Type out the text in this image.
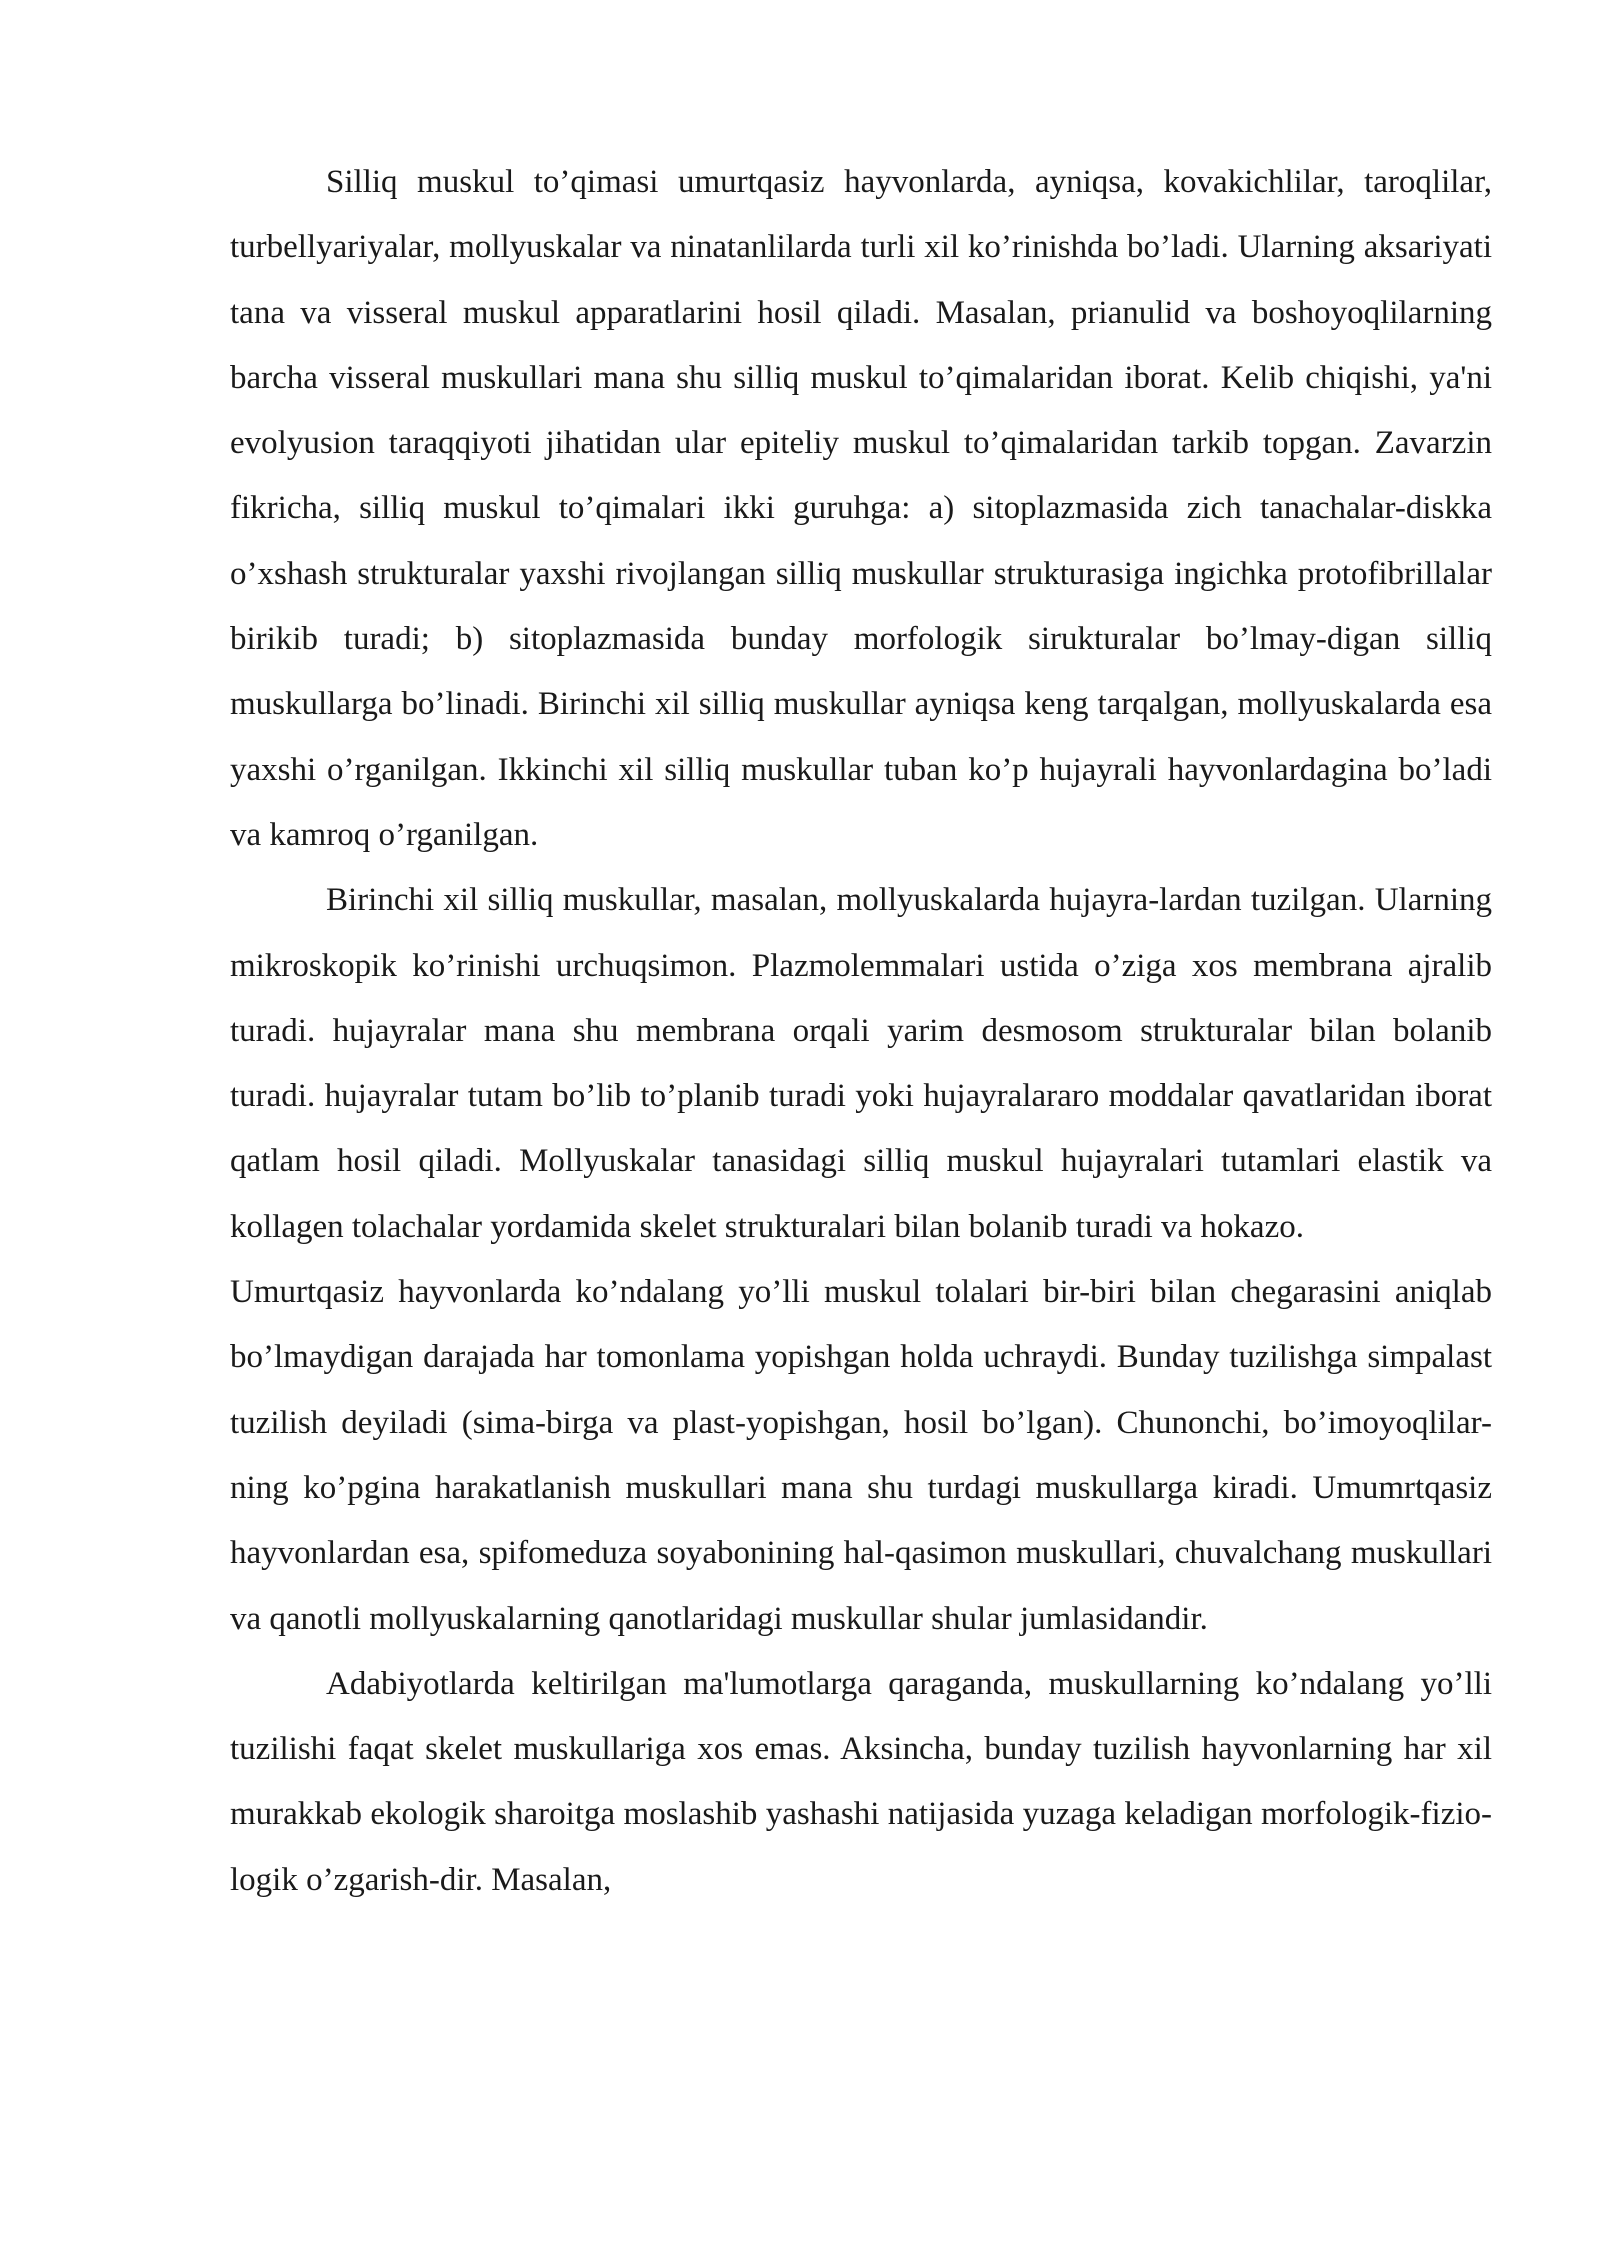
Silliq muskul to’qimasi umurtqasiz hayvonlarda, ayniqsa, kovakichlilar, taroqlilar, turbellyariyalar, mollyuskalar va ninatanlilarda turli xil ko’rinishda bo’ladi. Ularning aksariyati tana va visseral muskul apparatlarini hosil qiladi. Masalan, prianulid va boshoyoqlilarning barcha visseral muskullari mana shu silliq muskul to’qimalaridan iborat. Kelib chiqishi, ya'ni evolyusion taraqqiyoti jihatidan ular epiteliy muskul to’qimalaridan tarkib topgan. Zavarzin fikricha, silliq muskul to’qimalari ikki guruhga: a) sitoplazmasida zich tanachalar-diskka o’xshash strukturalar yaxshi rivojlangan silliq muskullar strukturasiga ingichka protofibrillalar birikib turadi; b) sitoplazmasida bunday morfologik sirukturalar bo’lmay-digan silliq muskullarga bo’linadi. Birinchi xil silliq muskullar ayniqsa keng tarqalgan, mollyuskalarda esa yaxshi o’rganilgan. Ikkinchi xil silliq muskullar tuban ko’p hujayrali hayvonlardagina bo’ladi va kamroq o’rganilgan.

Birinchi xil silliq muskullar, masalan, mollyuskalarda hujayra-lardan tuzilgan. Ularning mikroskopik ko’rinishi urchuqsimon. Plazmolemmalari ustida o’ziga xos membrana ajralib turadi. hujayralar mana shu membrana orqali yarim desmosom strukturalar bilan bolanib turadi. hujayralar tutam bo’lib to’planib turadi yoki hujayralararo moddalar qavatlaridan iborat qatlam hosil qiladi. Mollyuskalar tanasidagi silliq muskul hujayralari tutamlari elastik va kollagen tolachalar yordamida skelet strukturalari bilan bolanib turadi va hokazo.

Umurtqasiz hayvonlarda ko’ndalang yo’lli muskul tolalari bir-biri bilan chegarasini aniqlab bo’lmaydigan darajada har tomonlama yopishgan holda uchraydi. Bunday tuzilishga simpalast tuzilish deyiladi (sima-birga va plast-yopishgan, hosil bo’lgan). Chunonchi, bo’imoyoqlilar-ning ko’pgina harakatlanish muskullari mana shu turdagi muskullarga kiradi. Umumrtqasiz hayvonlardan esa, spifomeduza soyabonining hal-qasimon muskullari, chuvalchang muskullari va qanotli mollyuskalarning qanotlaridagi muskullar shular jumlasidandir.

Adabiyotlarda keltirilgan ma'lumotlarga qaraganda, muskullarning ko’ndalang yo’lli tuzilishi faqat skelet muskullariga xos emas. Aksincha, bunday tuzilish hayvonlarning har xil murakkab ekologik sharoitga moslashib yashashi natijasida yuzaga keladigan morfologik-fizio-logik o’zgarish-dir. Masalan,
